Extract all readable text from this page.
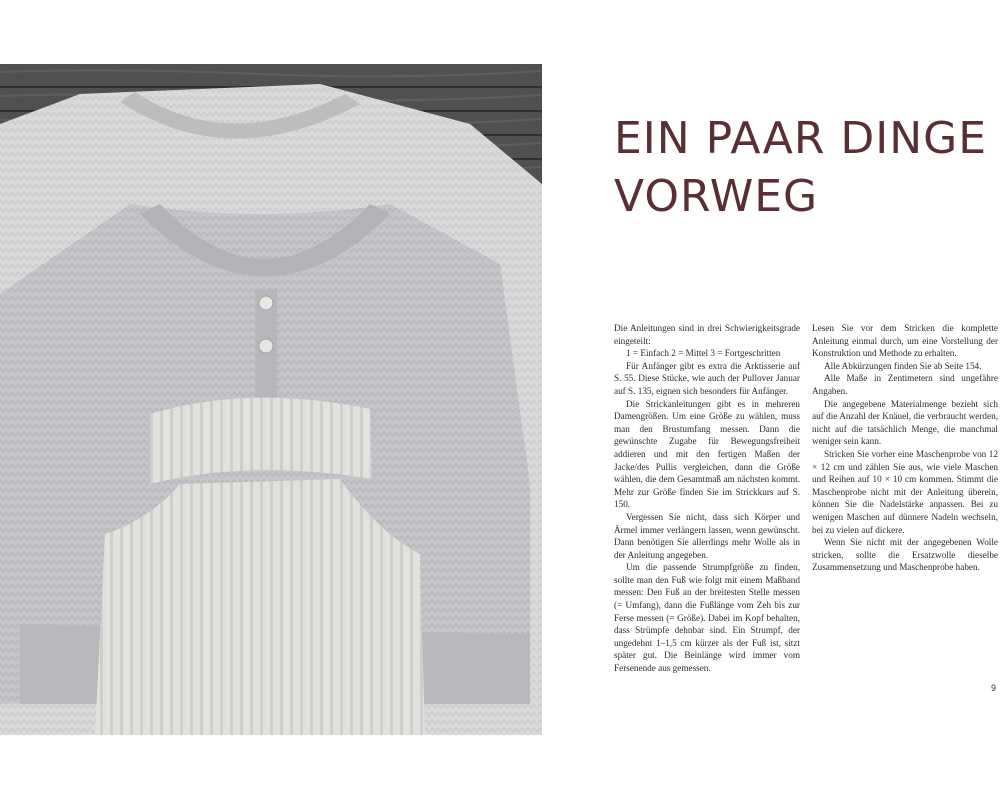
EIN PAAR DINGE
VORWEG

Die Anleitungen sind in drei Schwierigkeitsgrade eingeteilt:

1 = Einfach 2 = Mittel 3 = Fortgeschritten

Für Anfänger gibt es extra die Arktisserie auf S. 55. Diese Stücke, wie auch der Pullover Januar auf S. 135, eignen sich besonders für Anfänger.

Die Strickanleitungen gibt es in mehreren Damengrößen. Um eine Größe zu wählen, muss man den Brustumfang messen. Dann die gewünschte Zugabe für Bewegungsfreiheit addieren und mit den fertigen Maßen der Jacke/des Pullis vergleichen, dann die Größe wählen, die dem Gesamtmaß am nächsten kommt. Mehr zur Größe finden Sie im Strickkurs auf S. 150.

Vergessen Sie nicht, dass sich Körper und Ärmel immer verlängern lassen, wenn gewünscht. Dann benötigen Sie allerdings mehr Wolle als in der Anleitung angegeben.

Um die passende Strumpfgröße zu finden, sollte man den Fuß wie folgt mit einem Maßband messen: Den Fuß an der breitesten Stelle messen (= Umfang), dann die Fußlänge vom Zeh bis zur Ferse messen (= Größe). Dabei im Kopf behalten, dass Strümpfe dehnbar sind. Ein Strumpf, der ungedehnt 1–1,5 cm kürzer als der Fuß ist, sitzt später gut. Die Beinlänge wird immer vom Fersenende aus gemessen.

Lesen Sie vor dem Stricken die komplette Anleitung einmal durch, um eine Vorstellung der Konstruktion und Methode zu erhalten.

Alle Abkürzungen finden Sie ab Seite 154.

Alle Maße in Zentimetern sind ungefähre Angaben.

Die angegebene Materialmenge bezieht sich auf die Anzahl der Knäuel, die verbraucht werden, nicht auf die tatsächlich Menge, die manchmal weniger sein kann.

Stricken Sie vorher eine Maschenprobe von 12 × 12 cm und zählen Sie aus, wie viele Maschen und Reihen auf 10 × 10 cm kommen. Stimmt die Maschenprobe nicht mit der Anleitung überein, können Sie die Nadelstärke anpassen. Bei zu wenigen Maschen auf dünnere Nadeln wechseln, bei zu vielen auf dickere.

Wenn Sie nicht mit der angegebenen Wolle stricken, sollte die Ersatzwolle dieselbe Zusammensetzung und Maschenprobe haben.

9
